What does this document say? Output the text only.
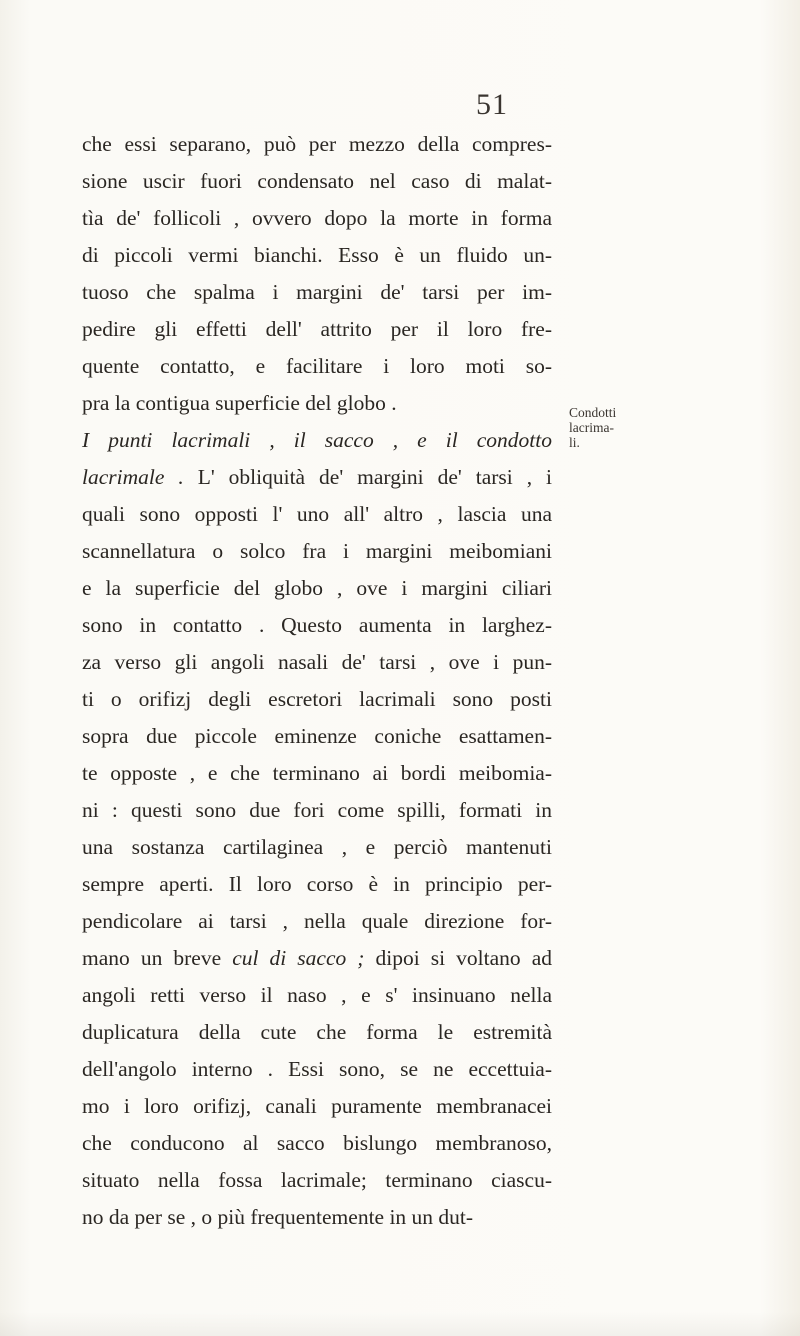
51
che essi separano, può per mezzo della compres-
sione uscir fuori condensato nel caso di malat-
tìa de' follicoli , ovvero dopo la morte in forma
di piccoli vermi bianchi. Esso è un fluido un-
tuoso che spalma i margini de' tarsi per im-
pedire gli effetti dell' attrito per il loro fre-
quente contatto, e facilitare i loro moti so-
pra la contigua superficie del globo .
I punti lacrimali , il sacco , e il condotto
lacrimale . L' obliquità de' margini de' tarsi , i
quali sono opposti l' uno all' altro , lascia una
scannellatura o solco fra i margini meibomiani
e la superficie del globo , ove i margini ciliari
sono in contatto . Questo aumenta in larghez-
za verso gli angoli nasali de' tarsi , ove i pun-
ti o orifizj degli escretori lacrimali sono posti
sopra due piccole eminenze coniche esattamen-
te opposte , e che terminano ai bordi meibomia-
ni : questi sono due fori come spilli, formati in
una sostanza cartilaginea , e perciò mantenuti
sempre aperti. Il loro corso è in principio per-
pendicolare ai tarsi , nella quale direzione for-
mano un breve cul di sacco ; dipoi si voltano ad
angoli retti verso il naso , e s' insinuano nella
duplicatura della cute che forma le estremità
dell'angolo interno . Essi sono, se ne eccettuia-
mo i loro orifizj, canali puramente membranacei
che conducono al sacco bislungo membranoso,
situato nella fossa lacrimale; terminano ciascu-
no da per se , o più frequentemente in un dut-
Condotti
lacrima-
li.
